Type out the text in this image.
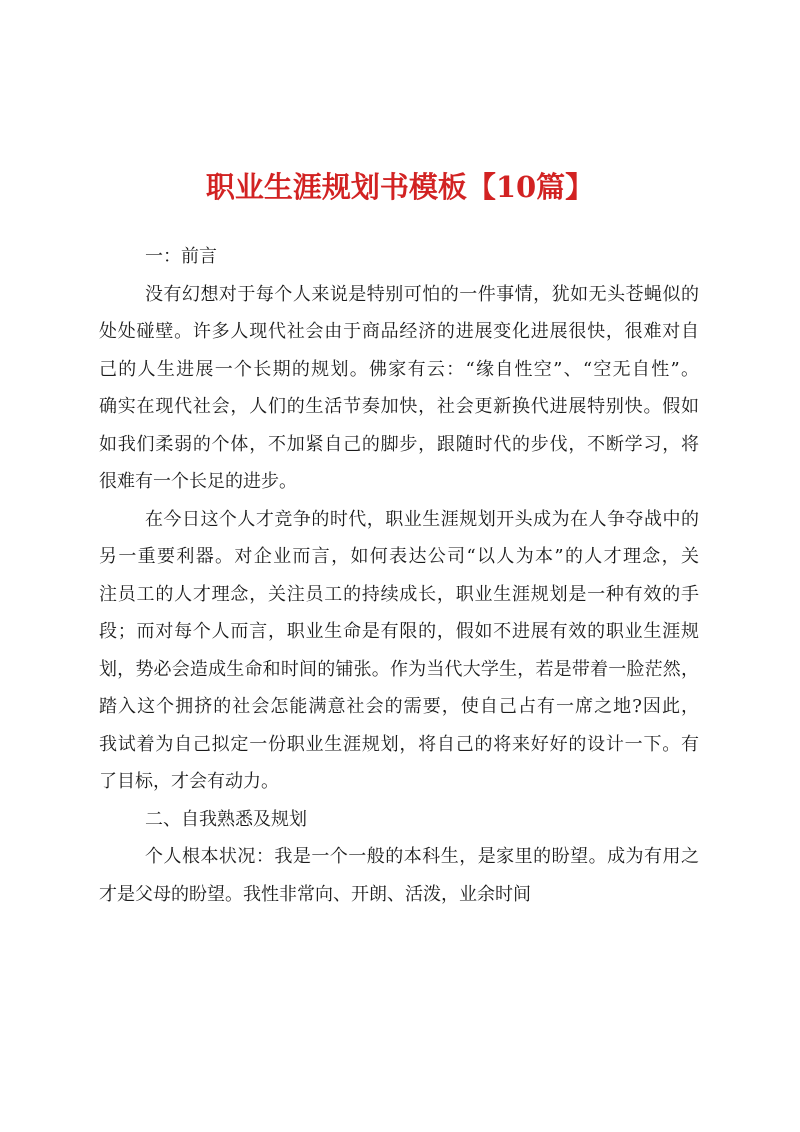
职业生涯规划书模板【10篇】
一：前言
没有幻想对于每个人来说是特别可怕的一件事情，犹如无头苍蝇似的
处处碰壁。许多人现代社会由于商品经济的进展变化进展很快，很难对自
己的人生进展一个长期的规划。佛家有云：“缘自性空”、“空无自性”。
确实在现代社会，人们的生活节奏加快，社会更新换代进展特别快。假如
如我们柔弱的个体，不加紧自己的脚步，跟随时代的步伐，不断学习，将
很难有一个长足的进步。
在今日这个人才竞争的时代，职业生涯规划开头成为在人争夺战中的
另一重要利器。对企业而言，如何表达公司“以人为本”的人才理念，关
注员工的人才理念，关注员工的持续成长，职业生涯规划是一种有效的手
段；而对每个人而言，职业生命是有限的，假如不进展有效的职业生涯规
划，势必会造成生命和时间的铺张。作为当代大学生，若是带着一脸茫然，
踏入这个拥挤的社会怎能满意社会的需要，使自己占有一席之地?因此，
我试着为自己拟定一份职业生涯规划，将自己的将来好好的设计一下。有
了目标，才会有动力。
二、自我熟悉及规划
个人根本状况：我是一个一般的本科生，是家里的盼望。成为有用之
才是父母的盼望。我性非常向、开朗、活泼，业余时间
